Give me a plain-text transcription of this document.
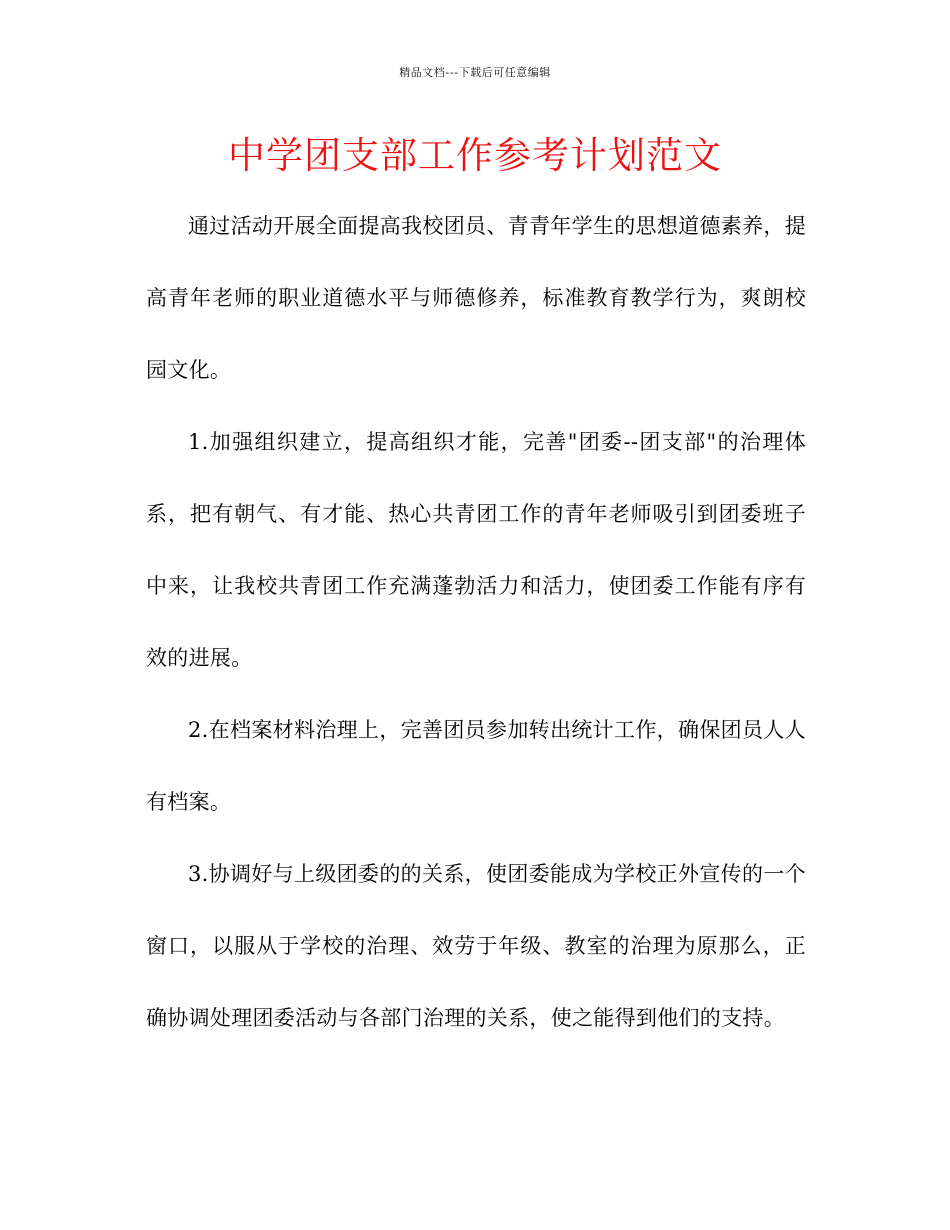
精品文档---下载后可任意编辑
中学团支部工作参考计划范文

通过活动开展全面提高我校团员、青青年学生的思想道德素养，提高青年老师的职业道德水平与师德修养，标准教育教学行为，爽朗校园文化。

1.加强组织建立，提高组织才能，完善"团委--团支部"的治理体系，把有朝气、有才能、热心共青团工作的青年老师吸引到团委班子中来，让我校共青团工作充满蓬勃活力和活力，使团委工作能有序有效的进展。

2.在档案材料治理上，完善团员参加转出统计工作，确保团员人人有档案。

3.协调好与上级团委的的关系，使团委能成为学校正外宣传的一个窗口，以服从于学校的治理、效劳于年级、教室的治理为原那么，正确协调处理团委活动与各部门治理的关系，使之能得到他们的支持。
